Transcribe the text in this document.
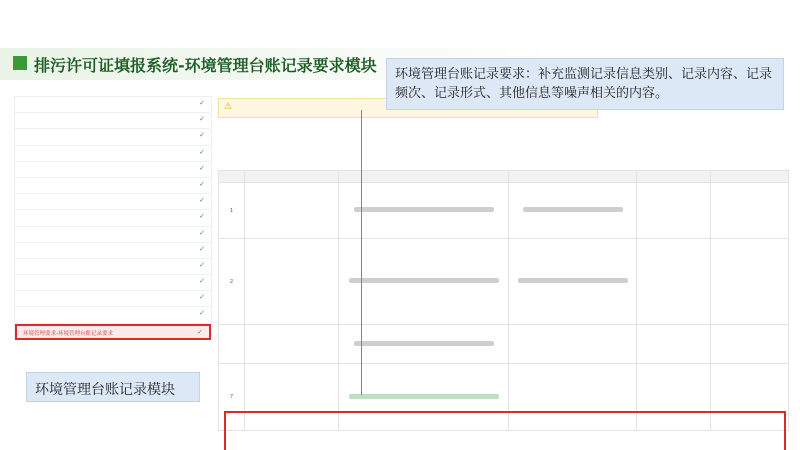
排污许可证填报系统-环境管理台账记录要求模块
✓
✓
✓
✓
✓
✓
✓
✓
✓
✓
✓
✓
✓
✓
环境管理要求-环境管理台账记录要求	✓
环境管理台账记录模块
⚠

1					
2					

7					
环境管理台账记录要求：补充监测记录信息类别、记录内容、记录频次、记录形式、其他信息等噪声相关的内容。
